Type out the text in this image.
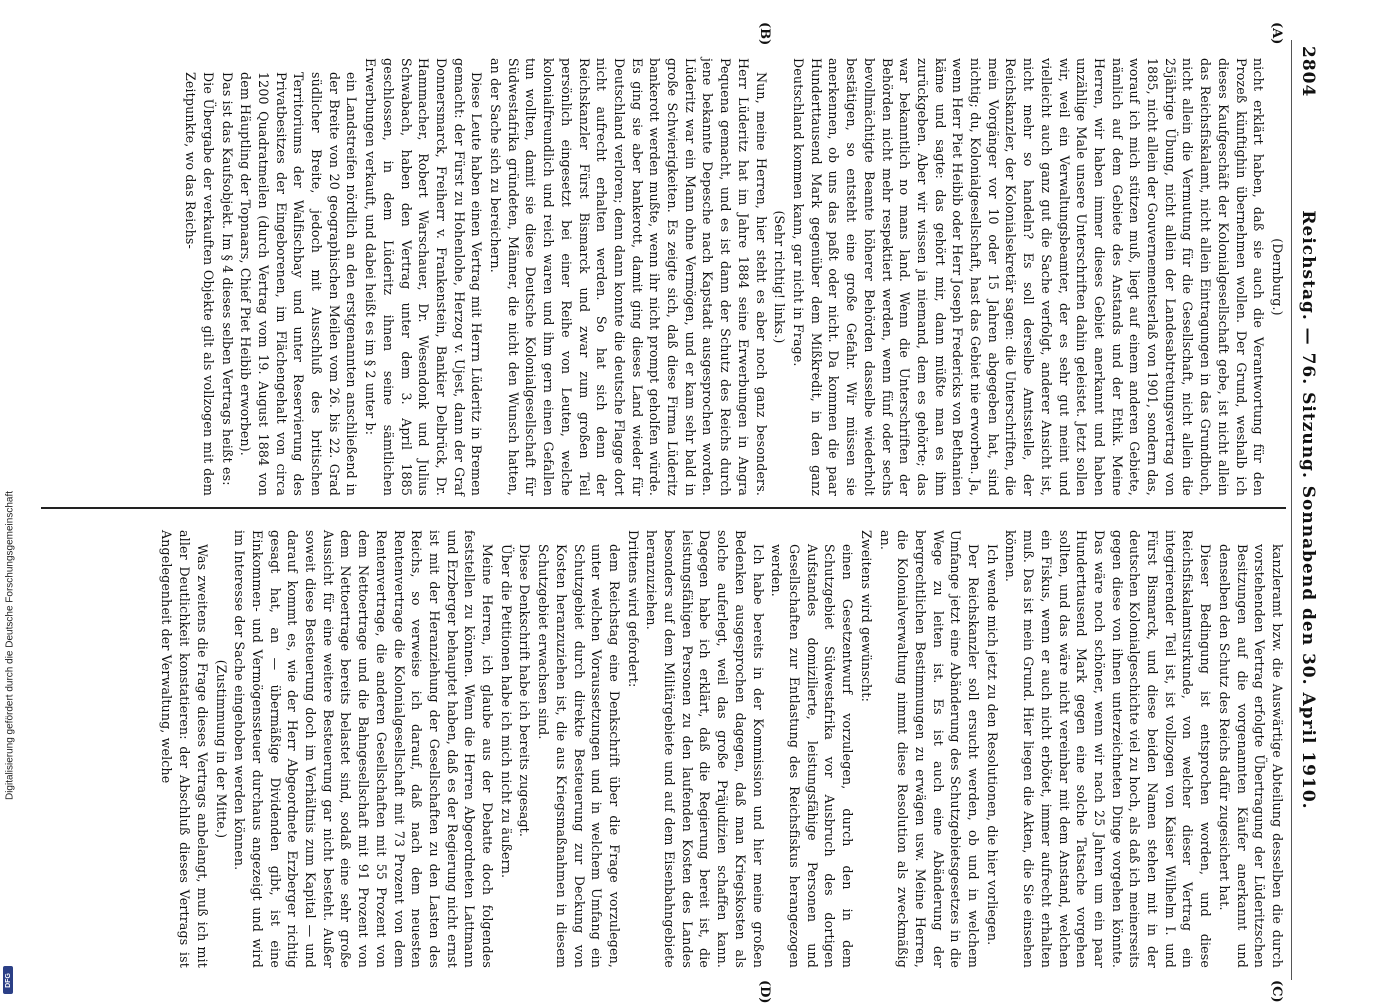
Digitalisierung gefördert durch die Deutsche Forschungsgemeinschaft
DFG
2804
Reichstag. — 76. Sitzung. Sonnabend den 30. April 1910.
(A)
(B)
(C)
(D)

(Dernburg.)

nicht erklärt haben, daß sie auch die Verantwortung für den Prozeß künftighin übernehmen wollen. Der Grund, weshalb ich dieses Kaufgeschäft der Kolonialgesellschaft gebe, ist nicht allein das Reichsfiskalamt, nicht allein Eintragungen in das Grundbuch, nicht allein die Vermutung für die Gesellschaft, nicht allein die 25jährige Übung, nicht allein der Landesabtretungsvertrag von 1885, nicht allein der Gouvernementserlaß von 1901, sondern das, worauf ich mich stützen muß, liegt auf einem anderen Gebiete, nämlich auf dem Gebiete des Anstands und der Ethik. Meine Herren, wir haben immer dieses Gebiet anerkannt und haben unzählige Male unsere Unterschriften dahin geleistet. Jetzt sollen wir, weil ein Verwaltungsbeamter, der es sehr gut meint und vielleicht auch ganz gut die Sache verfolgt, anderer Ansicht ist, nicht mehr so handeln? Es soll derselbe Amtsstelle, der Reichskanzler, der Kolonialsekretär sagen: die Unterschriften, die mein Vorgänger vor 10 oder 15 Jahren abgegeben hat, sind nichtig; du, Kolonialgesellschaft, hast das Gebiet nie erworben. Ja, wenn Herr Piet Heibib oder Herr Joseph Fredericks von Bethanien käme und sagte: das gehört mir, dann müßte man es ihm zurückgeben. Aber wir wissen ja niemand, dem es gehörte; das war bekanntlich no mans land. Wenn die Unterschriften der Behörden nicht mehr respektiert werden, wenn fünf oder sechs bevollmächtigte Beamte höherer Behörden dasselbe wiederholt bestätigen, so entsteht eine große Gefahr. Wir müssen sie anerkennen, ob uns das paßt oder nicht. Da kommen die paar Hunderttausend Mark gegenüber dem Mißkredit, in den ganz Deutschland kommen kann, gar nicht in Frage.

(Sehr richtig! links.)

Nun, meine Herren, hier steht es aber noch ganz besonders. Herr Lüderitz hat im Jahre 1884 seine Erwerbungen in Angra Pequena gemacht, und es ist dann der Schutz des Reichs durch jene bekannte Depesche nach Kapstadt ausgesprochen worden. Lüderitz war ein Mann ohne Vermögen, und er kam sehr bald in große Schwierigkeiten. Es zeigte sich, daß diese Firma Lüderitz bankerott werden mußte, wenn ihr nicht prompt geholfen würde. Es ging sie aber bankerott, damit ging dieses Land wieder für Deutschland verloren; denn dann konnte die deutsche Flagge dort nicht aufrecht erhalten werden. So hat sich denn der Reichskanzler Fürst Bismarck und zwar zum großen Teil persönlich eingesetzt bei einer Reihe von Leuten, welche kolonialfreundlich und reich waren und ihm gern einen Gefallen tun wollten, damit sie diese Deutsche Kolonialgesellschaft für Südwestafrika gründeten, Männer, die nicht den Wunsch hatten, an der Sache sich zu bereichern.

Diese Leute haben einen Vertrag mit Herrn Lüderitz in Bremen gemacht: der Fürst zu Hohenlohe, Herzog v. Ujest, dann der Graf Donnersmarck, Freiherr v. Frankenstein, Bankier Delbrück, Dr. Hammacher, Robert Warschauer, Dr. Wesendonk und Julius Schwabach, haben den Vertrag unter dem 3. April 1885 geschlossen, in dem Lüderitz ihnen seine sämtlichen Erwerbungen verkauft, und dabei heißt es im § 2 unter b:

ein Landstreifen nördlich an den erstgenannten anschließend in der Breite von 20 geographischen Meilen vom 26. bis 22. Grad südlicher Breite, jedoch mit Ausschluß des britischen Territoriums der Walfischbay und unter Reservierung des Privatbesitzes der Eingeborenen, im Flächengehalt von circa 1200 Quadratmeilen (durch Vertrag vom 19. August 1884 von dem Häuptling der Topnaars, Chief Piet Heibib erworben).

Das ist das Kaufsobjekt. Im § 4 dieses selben Vertrags heißt es:

Die Übergabe der verkauften Objekte gilt als vollzogen mit dem Zeitpunkte, wo das Reichs-

kanzleramt bzw. die Auswärtige Abteilung desselben die durch vorstehenden Vertrag erfolgte Übertragung der Lüderitzschen Besitzungen auf die vorgenannten Käufer anerkannt und denselben den Schutz des Reichs dafür zugesichert hat.

Dieser Bedingung ist entsprochen worden, und diese Reichsfiskalamtsurkunde, von welcher dieser Vertrag ein integrierender Teil ist, ist vollzogen von Kaiser Wilhelm I. und Fürst Bismarck, und diese beiden Namen stehen mit in der deutschen Kolonialgeschichte viel zu hoch, als daß ich meinerseits gegen diese von ihnen unterzeichneten Dinge vorgehen könnte. Das wäre noch schöner, wenn wir nach 25 Jahren um ein paar Hunderttausend Mark gegen eine solche Tatsache vorgehen sollten, und das wäre nicht vereinbar mit dem Anstand, welchen ein Fiskus, wenn er auch nicht erbötet, immer aufrecht erhalten muß. Das ist mein Grund. Hier liegen die Akten, die Sie einsehen können.

Ich wende mich jetzt zu den Resolutionen, die hier vorliegen.

Der Reichskanzler soll ersucht werden, ob und in welchem Umfange jetzt eine Abänderung des Schutzgebietsgesetzes in die Wege zu leiten ist. Es ist auch eine Abänderung der bergrechtlichen Bestimmungen zu erwägen usw. Meine Herren, die Kolonialverwaltung nimmt diese Resolution als zweckmäßig an.

Zweitens wird gewünscht:

einen Gesetzentwurf vorzulegen, durch den in dem Schutzgebiet Südwestafrika vor Ausbruch des dortigen Aufstandes domizilierte, leistungsfähige Personen und Gesellschaften zur Entlastung des Reichsfiskus herangezogen werden.

Ich habe bereits in der Kommission und hier meine großen Bedenken ausgesprochen dagegen, daß man Kriegskosten als solche auferlegt, weil das große Präjudizien schaffen kann. Dagegen habe ich erklärt, daß die Regierung bereit ist, die leistungsfähigen Personen zu den laufenden Kosten des Landes besonders auf dem Militärgebiete und auf dem Eisenbahngebiete heranzuziehen.

Drittens wird gefordert:

dem Reichstag eine Denkschrift über die Frage vorzulegen, unter welchen Voraussetzungen und in welchem Umfang ein Schutzgebiet durch direkte Besteuerung zur Deckung von Kosten heranzuziehen ist, die aus Kriegsmaßnahmen in diesem Schutzgebiet erwachsen sind.

Diese Denkschrift habe ich bereits zugesagt.

Über die Petitionen habe ich mich nicht zu äußern.

Meine Herren, ich glaube aus der Debatte doch folgendes feststellen zu können. Wenn die Herren Abgeordneten Lattmann und Erzberger behauptet haben, daß es der Regierung nicht ernst ist mit der Heranziehung der Gesellschaften zu den Lasten des Reichs, so verweise ich darauf, daß nach dem neuesten Rentenvertrage die Kolonialgesellschaft mit 73 Prozent von dem Rentenvertrage, die anderen Gesellschaften mit 55 Prozent von dem Nettoertrage und die Bahngesellschaft mit 91 Prozent von dem Nettoertrage bereits belastet sind, sodaß eine sehr große Aussicht für eine weitere Besteuerung gar nicht besteht. Außer soweit diese Besteuerung doch im Verhältnis zum Kapital — und darauf kommt es, wie der Herr Abgeordnete Erzberger richtig gesagt hat, an — übermäßige Dividenden gibt, ist eine Einkommen- und Vermögenssteuer durchaus angezeigt und wird im Interesse der Sache eingehoben werden können.

(Zustimmung in der Mitte.)

Was zweitens die Frage dieses Vertrags anbelangt, muß ich mit aller Deutlichkeit konstatieren: der Abschluß dieses Vertrags ist Angelegenheit der Verwaltung, welche
